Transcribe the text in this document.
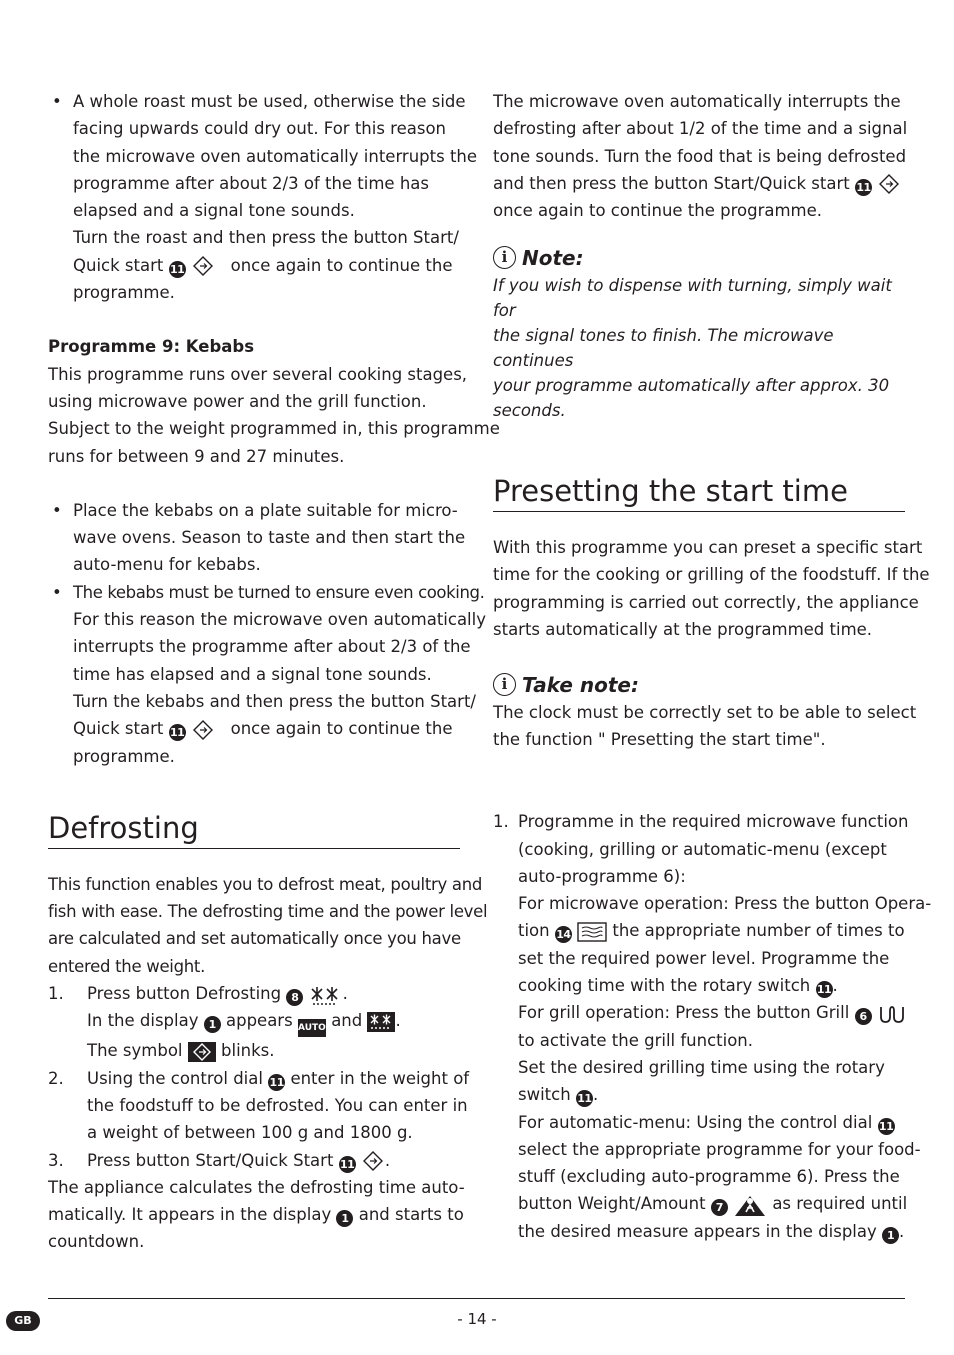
• A whole roast must be used, otherwise the side
facing upwards could dry out. For this reason
the microwave oven automatically interrupts the
programme after about 2/3 of the time has
elapsed and a signal tone sounds.
Turn the roast and then press the button Start/
Quick start 11	once again to continue the
programme.
Programme 9: Kebabs
This programme runs over several cooking stages,
using microwave power and the grill function.
Subject to the weight programmed in, this programme
runs for between 9 and 27 minutes.
• Place the kebabs on a plate suitable for micro-
wave ovens. Season to taste and then start the
auto-menu for kebabs.
• The kebabs must be turned to ensure even cooking.
For this reason the microwave oven automatically
interrupts the programme after about 2/3 of the
time has elapsed and a signal tone sounds.
Turn the kebabs and then press the button Start/
Quick start 11	once again to continue the
programme.
Defrosting
This function enables you to defrost meat, poultry and
fish with ease. The defrosting time and the power level
are calculated and set automatically once you have
entered the weight.
1. Press button Defrosting 8	.
In the display 1 appears AUTO and .
The symbol blinks.
2. Using the control dial 11 enter in the weight of
the foodstuff to be defrosted. You can enter in
a weight of between 100 g and 1800 g.
3. Press button Start/Quick Start 11 .
The appliance calculates the defrosting time auto-
matically. It appears in the display 1 and starts to
countdown.
The microwave oven automatically interrupts the
defrosting after about 1/2 of the time and a signal
tone sounds. Turn the food that is being defrosted
and then press the button Start/Quick start 11
once again to continue the programme.
i Note:
If you wish to dispense with turning, simply wait for
the signal tones to finish. The microwave continues
your programme automatically after approx. 30
seconds.
Presetting the start time
With this programme you can preset a specific start
time for the cooking or grilling of the foodstuff. If the
programming is carried out correctly, the appliance
starts automatically at the programmed time.
i Take note:
The clock must be correctly set to be able to select
the function " Presetting the start time".
1. Programme in the required microwave function
(cooking, grilling or automatic-menu (except
auto-programme 6):
For microwave operation: Press the button Opera-
tion 14	the appropriate number of times to
set the required power level. Programme the
cooking time with the rotary switch 11.
For grill operation: Press the button Grill 6
to activate the grill function.
Set the desired grilling time using the rotary
switch 11.
For automatic-menu: Using the control dial 11
select the appropriate programme for your food-
stuff (excluding auto-programme 6). Press the
button Weight/Amount 7	as required until
the desired measure appears in the display 1 .
GB	- 14 -
